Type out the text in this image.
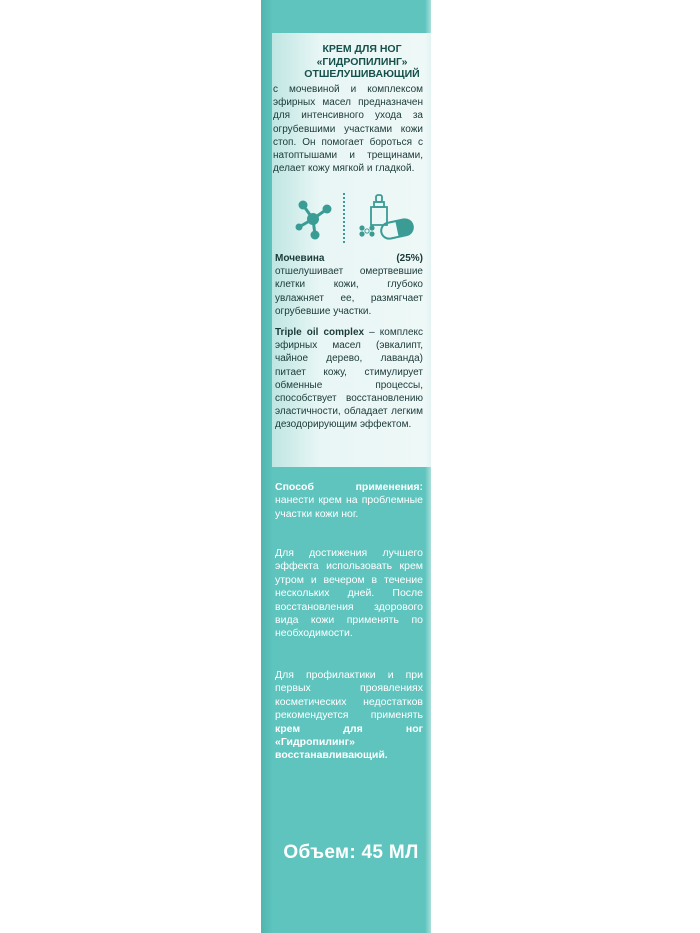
КРЕМ ДЛЯ НОГ
«ГИДРОПИЛИНГ»
ОТШЕЛУШИВАЮЩИЙ

с мочевиной и комплексом эфирных масел предназначен для интенсивного ухода за огрубевшими участками кожи стоп. Он помогает бороться с натоптышами и трещинами, делает кожу мягкой и гладкой.

Мочевина (25%) отшелушивает омертвевшие клетки кожи, глубоко увлажняет ее, размягчает огрубевшие участки.

Triple oil complex – комплекс эфирных масел (эвкалипт, чайное дерево, лаванда) питает кожу, стимулирует обменные процессы, способствует восстановлению эластичности, обладает легким дезодорирующим эффектом.

Способ применения: нанести крем на проблемные участки кожи ног.

Для достижения лучшего эффекта использовать крем утром и вечером в течение нескольких дней. После восстановления здорового вида кожи применять по необходимости.

Для профилактики и при первых проявлениях косметических недостатков рекомендуется применять крем для ног «Гидропилинг» восстанавливающий.

Объем: 45 МЛ
